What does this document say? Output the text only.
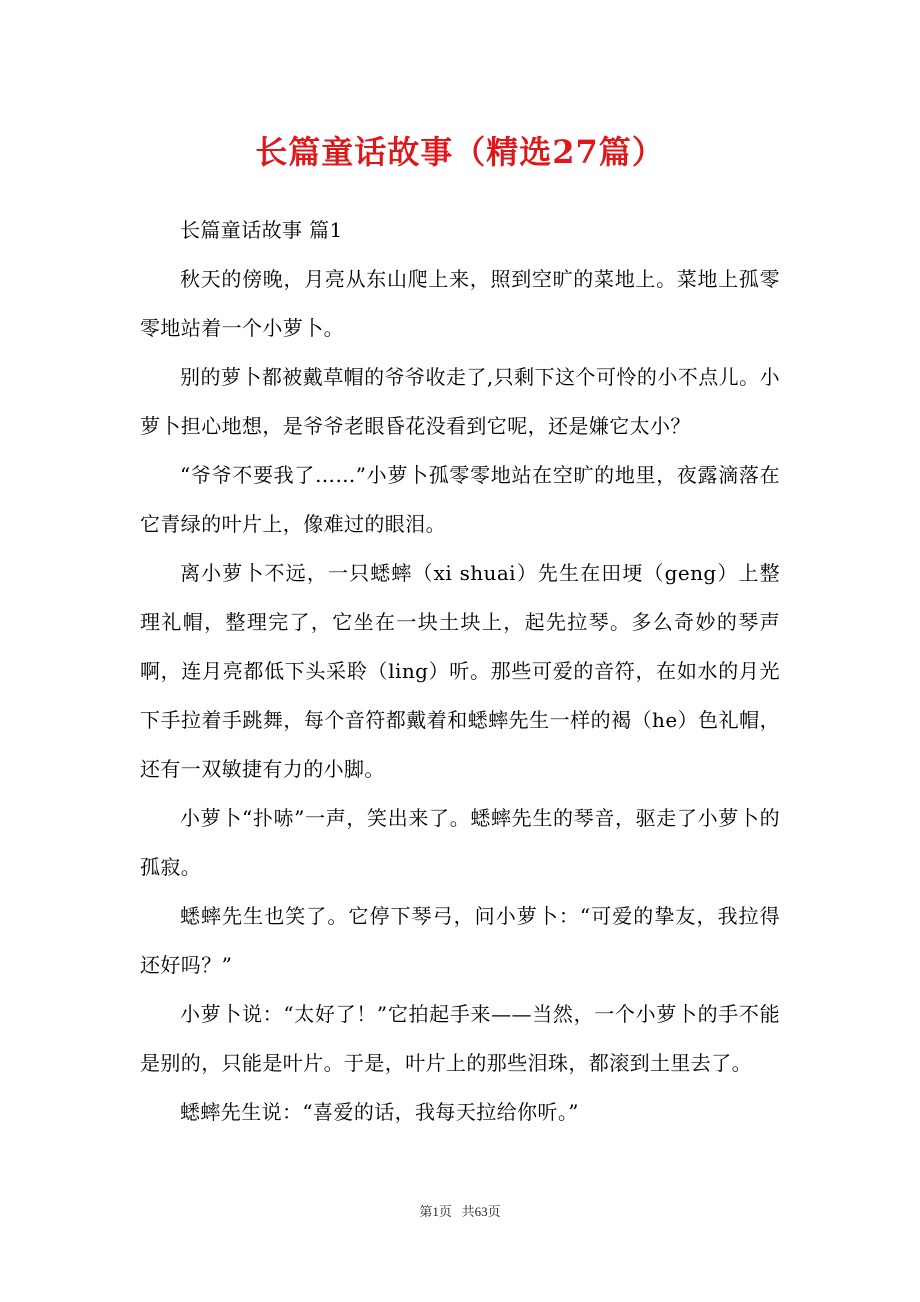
长篇童话故事（精选27篇）

长篇童话故事 篇1

秋天的傍晚，月亮从东山爬上来，照到空旷的菜地上。菜地上孤零零地站着一个小萝卜。

别的萝卜都被戴草帽的爷爷收走了,只剩下这个可怜的小不点儿。小萝卜担心地想，是爷爷老眼昏花没看到它呢，还是嫌它太小？

“爷爷不要我了……”小萝卜孤零零地站在空旷的地里，夜露滴落在它青绿的叶片上，像难过的眼泪。

离小萝卜不远，一只蟋蟀（xi shuai）先生在田埂（geng）上整理礼帽，整理完了，它坐在一块土块上，起先拉琴。多么奇妙的琴声啊，连月亮都低下头采聆（ling）听。那些可爱的音符，在如水的月光下手拉着手跳舞，每个音符都戴着和蟋蟀先生一样的褐（he）色礼帽，还有一双敏捷有力的小脚。

小萝卜“扑哧”一声，笑出来了。蟋蟀先生的琴音，驱走了小萝卜的孤寂。

蟋蟀先生也笑了。它停下琴弓，问小萝卜：“可爱的挚友，我拉得还好吗？”

小萝卜说：“太好了！”它拍起手来——当然，一个小萝卜的手不能是别的，只能是叶片。于是，叶片上的那些泪珠，都滚到土里去了。

蟋蟀先生说：“喜爱的话，我每天拉给你听。”

第1页   共63页
